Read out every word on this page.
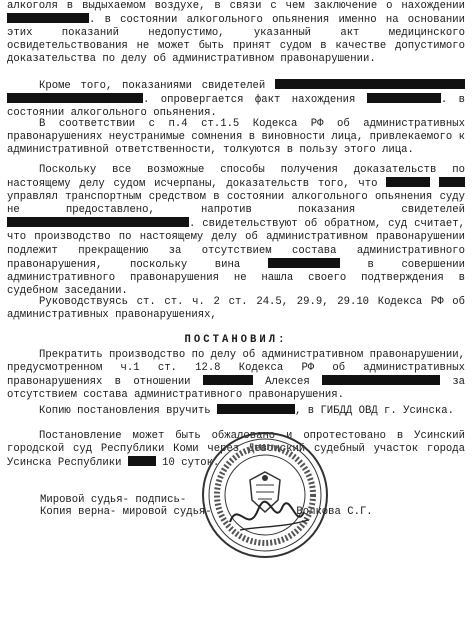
алкоголя в выдыхаемом воздухе, в связи с чем заключение о нахождении . в состоянии алкогольного опьянения именно на основании этих показаний недопустимо, указанный акт медицинского освидетельствования не может быть принят судом в качестве допустимого доказательства по делу об административном правонарушении.

Кроме того, показаниями свидетелей  . опровергается факт нахождения	. в состоянии алкогольного опьянения.

В соответствии с п.4 ст.1.5 Кодекса РФ об административных правонарушениях неустранимые сомнения в виновности лица, привлекаемого к административной ответственности, толкуются в пользу этого лица.

Поскольку все возможные способы получения доказательств по настоящему делу судом исчерпаны, доказательств того, что   управлял транспортным средством в состоянии алкогольного опьянения суду не предоставлено, напротив показания свидетелей . свидетельствуют об обратном, суд считает, что производство по настоящему делу об административном правонарушении подлежит прекращению за отсутствием состава административного правонарушения, поскольку вина	в совершении административного правонарушения не нашла своего подтверждения в судебном заседании.

Руководствуясь ст. ст. ч. 2 ст. 24.5, 29.9, 29.10 Кодекса РФ об административных правонарушениях,

ПОСТАНОВИЛ:

Прекратить производство по делу об административном правонарушении, предусмотренном ч.1 ст. 12.8 Кодекса РФ об административных правонарушениях в отношении	Алексея	за отсутствием состава административного правонарушения.

Копию постановления вручить	, в ГИБДД ОВД г. Усинска.

Постановление может быть обжаловано и опротестовано в Усинский городской суд Республики Коми через Девонский судебный участок города Усинска Республики	10 суток.

Мировой судья- подпись-
Копия верна- мировой судья-	Волкова С.Г.
